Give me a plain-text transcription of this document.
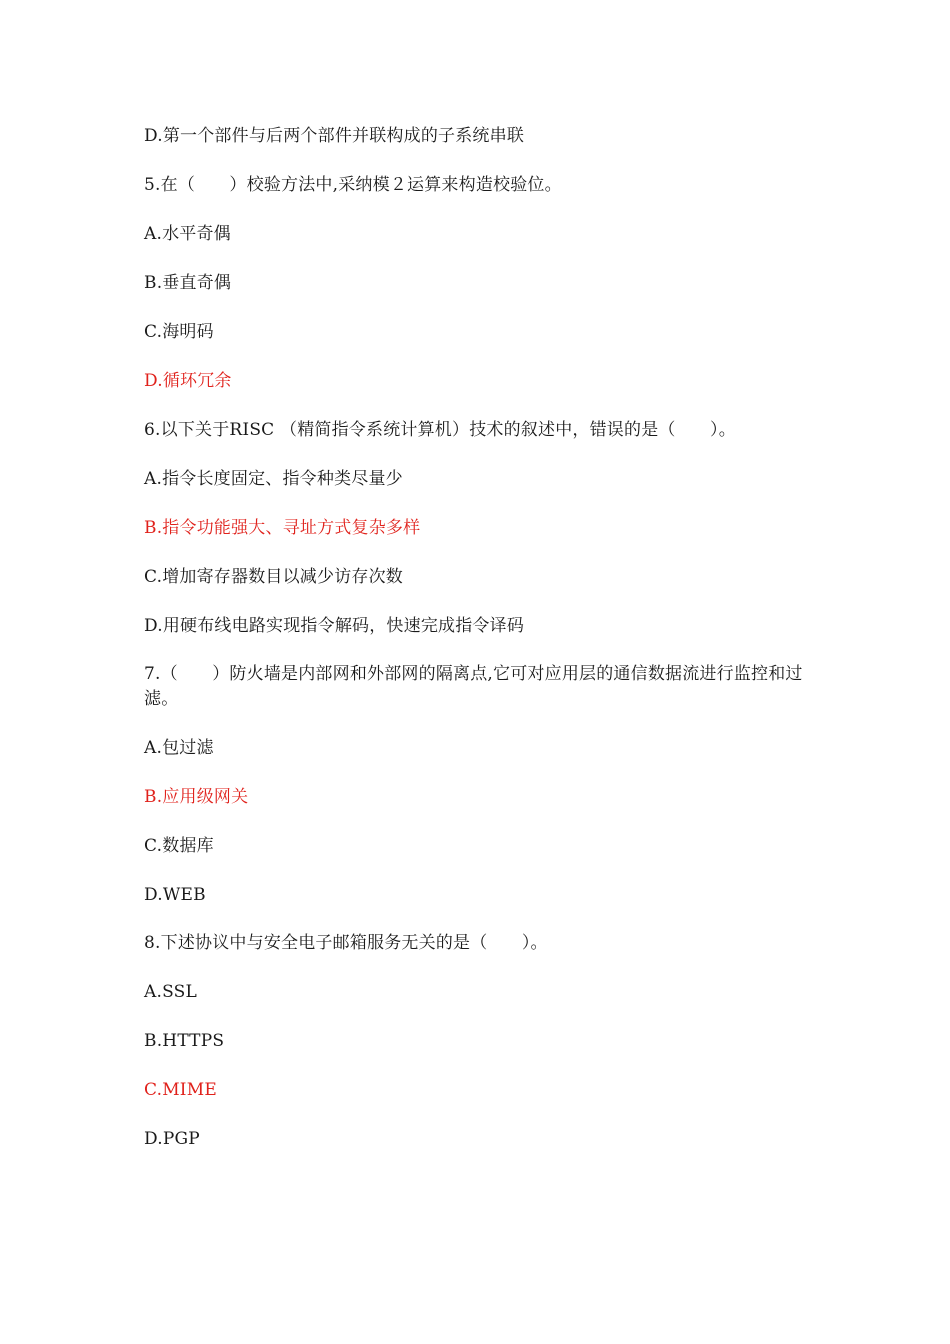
D.第一个部件与后两个部件并联构成的子系统串联
5.在（　　）校验方法中,采纳模２运算来构造校验位。
A.水平奇偶
B.垂直奇偶
C.海明码
D.循环冗余
6.以下关于RISC （精简指令系统计算机）技术的叙述中，错误的是（　　）。
A.指令长度固定、指令种类尽量少
B.指令功能强大、寻址方式复杂多样
C.增加寄存器数目以减少访存次数
D.用硬布线电路实现指令解码，快速完成指令译码
7.（　　）防火墙是内部网和外部网的隔离点,它可对应用层的通信数据流进行监控和过滤。
A.包过滤
B.应用级网关
C.数据库
D.WEB
8.下述协议中与安全电子邮箱服务无关的是（　　）。
A.SSL
B.HTTPS
C.MIME
D.PGP
